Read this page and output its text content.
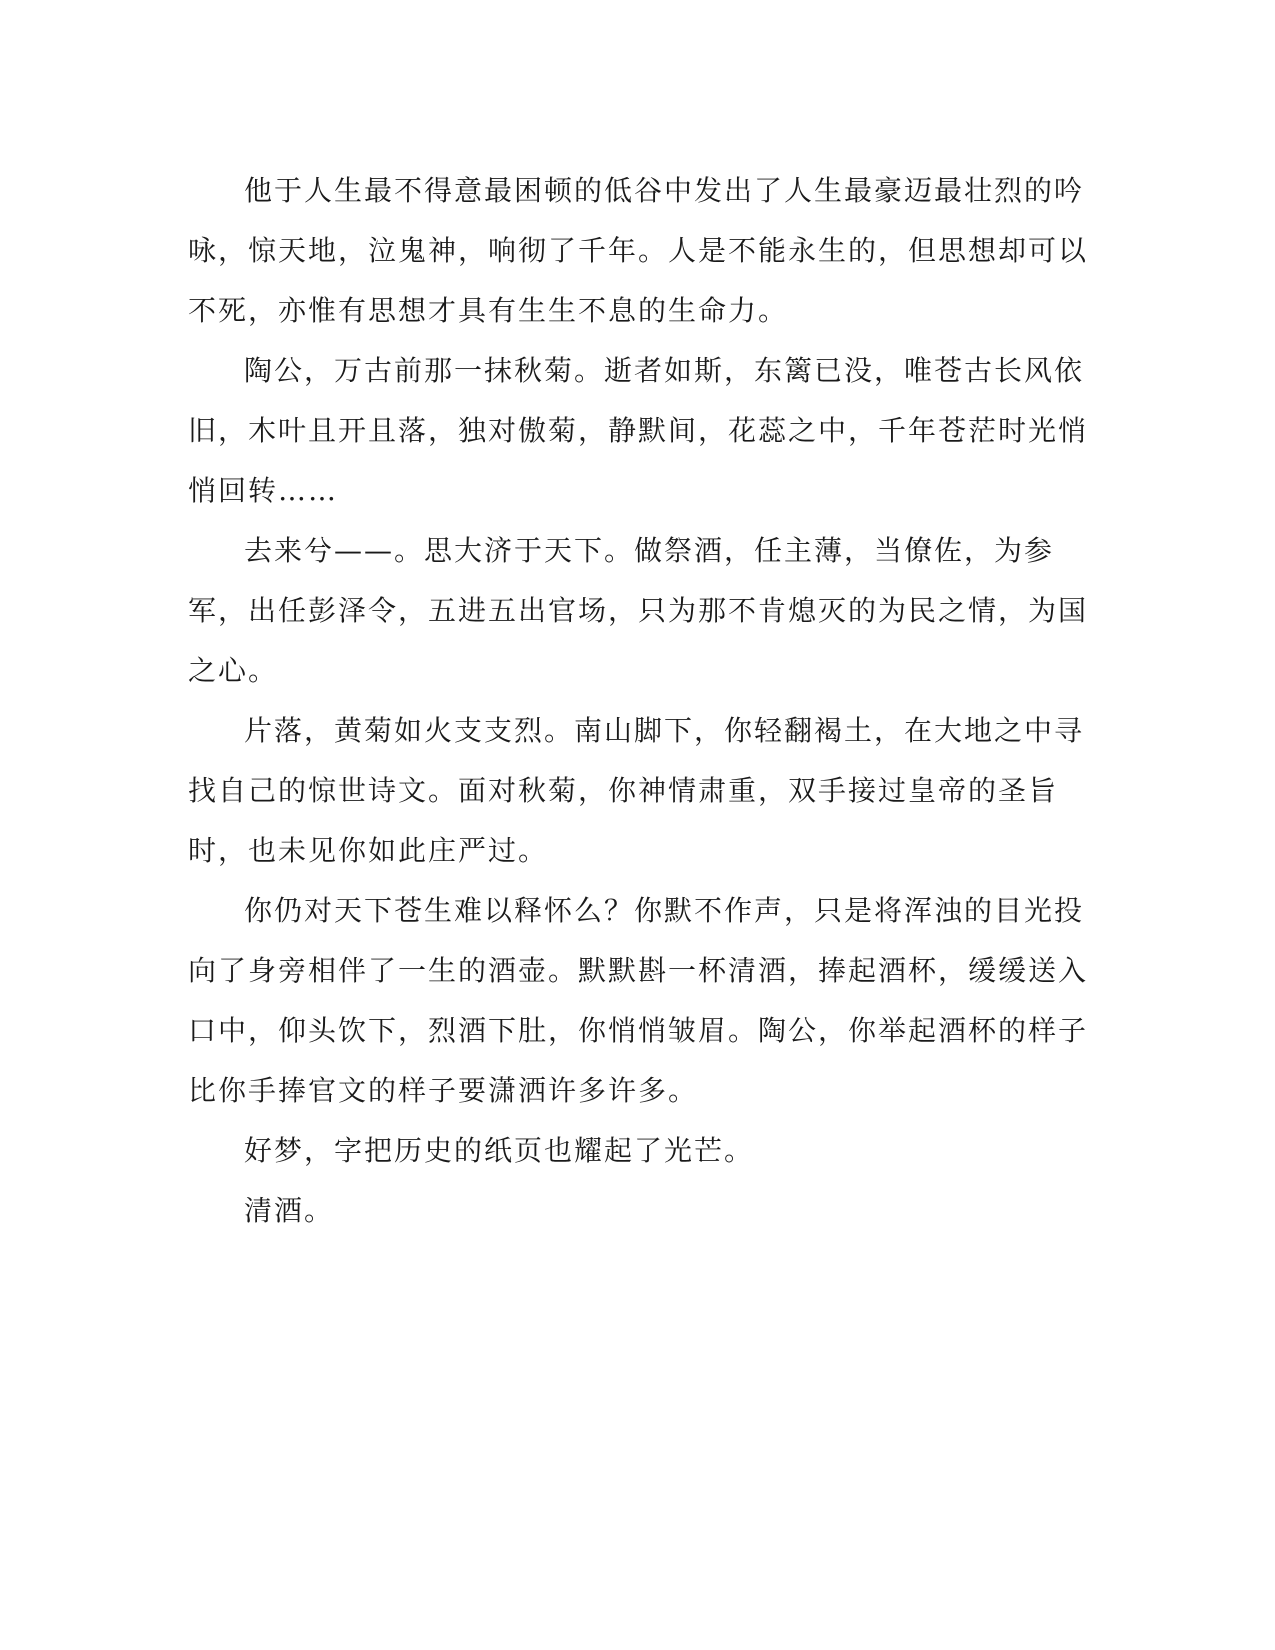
他于人生最不得意最困顿的低谷中发出了人生最豪迈最壮烈的吟咏，惊天地，泣鬼神，响彻了千年。人是不能永生的，但思想却可以不死，亦惟有思想才具有生生不息的生命力。

陶公，万古前那一抹秋菊。逝者如斯，东篱已没，唯苍古长风依旧，木叶且开且落，独对傲菊，静默间，花蕊之中，千年苍茫时光悄悄回转……

去来兮——。思大济于天下。做祭酒，任主薄，当僚佐，为参军，出任彭泽令，五进五出官场，只为那不肯熄灭的为民之情，为国之心。

片落，黄菊如火支支烈。南山脚下，你轻翻褐土，在大地之中寻找自己的惊世诗文。面对秋菊，你神情肃重，双手接过皇帝的圣旨时，也未见你如此庄严过。

你仍对天下苍生难以释怀么？你默不作声，只是将浑浊的目光投向了身旁相伴了一生的酒壶。默默斟一杯清酒，捧起酒杯，缓缓送入口中，仰头饮下，烈酒下肚，你悄悄皱眉。陶公，你举起酒杯的样子比你手捧官文的样子要潇洒许多许多。

好梦，字把历史的纸页也耀起了光芒。

清酒。
